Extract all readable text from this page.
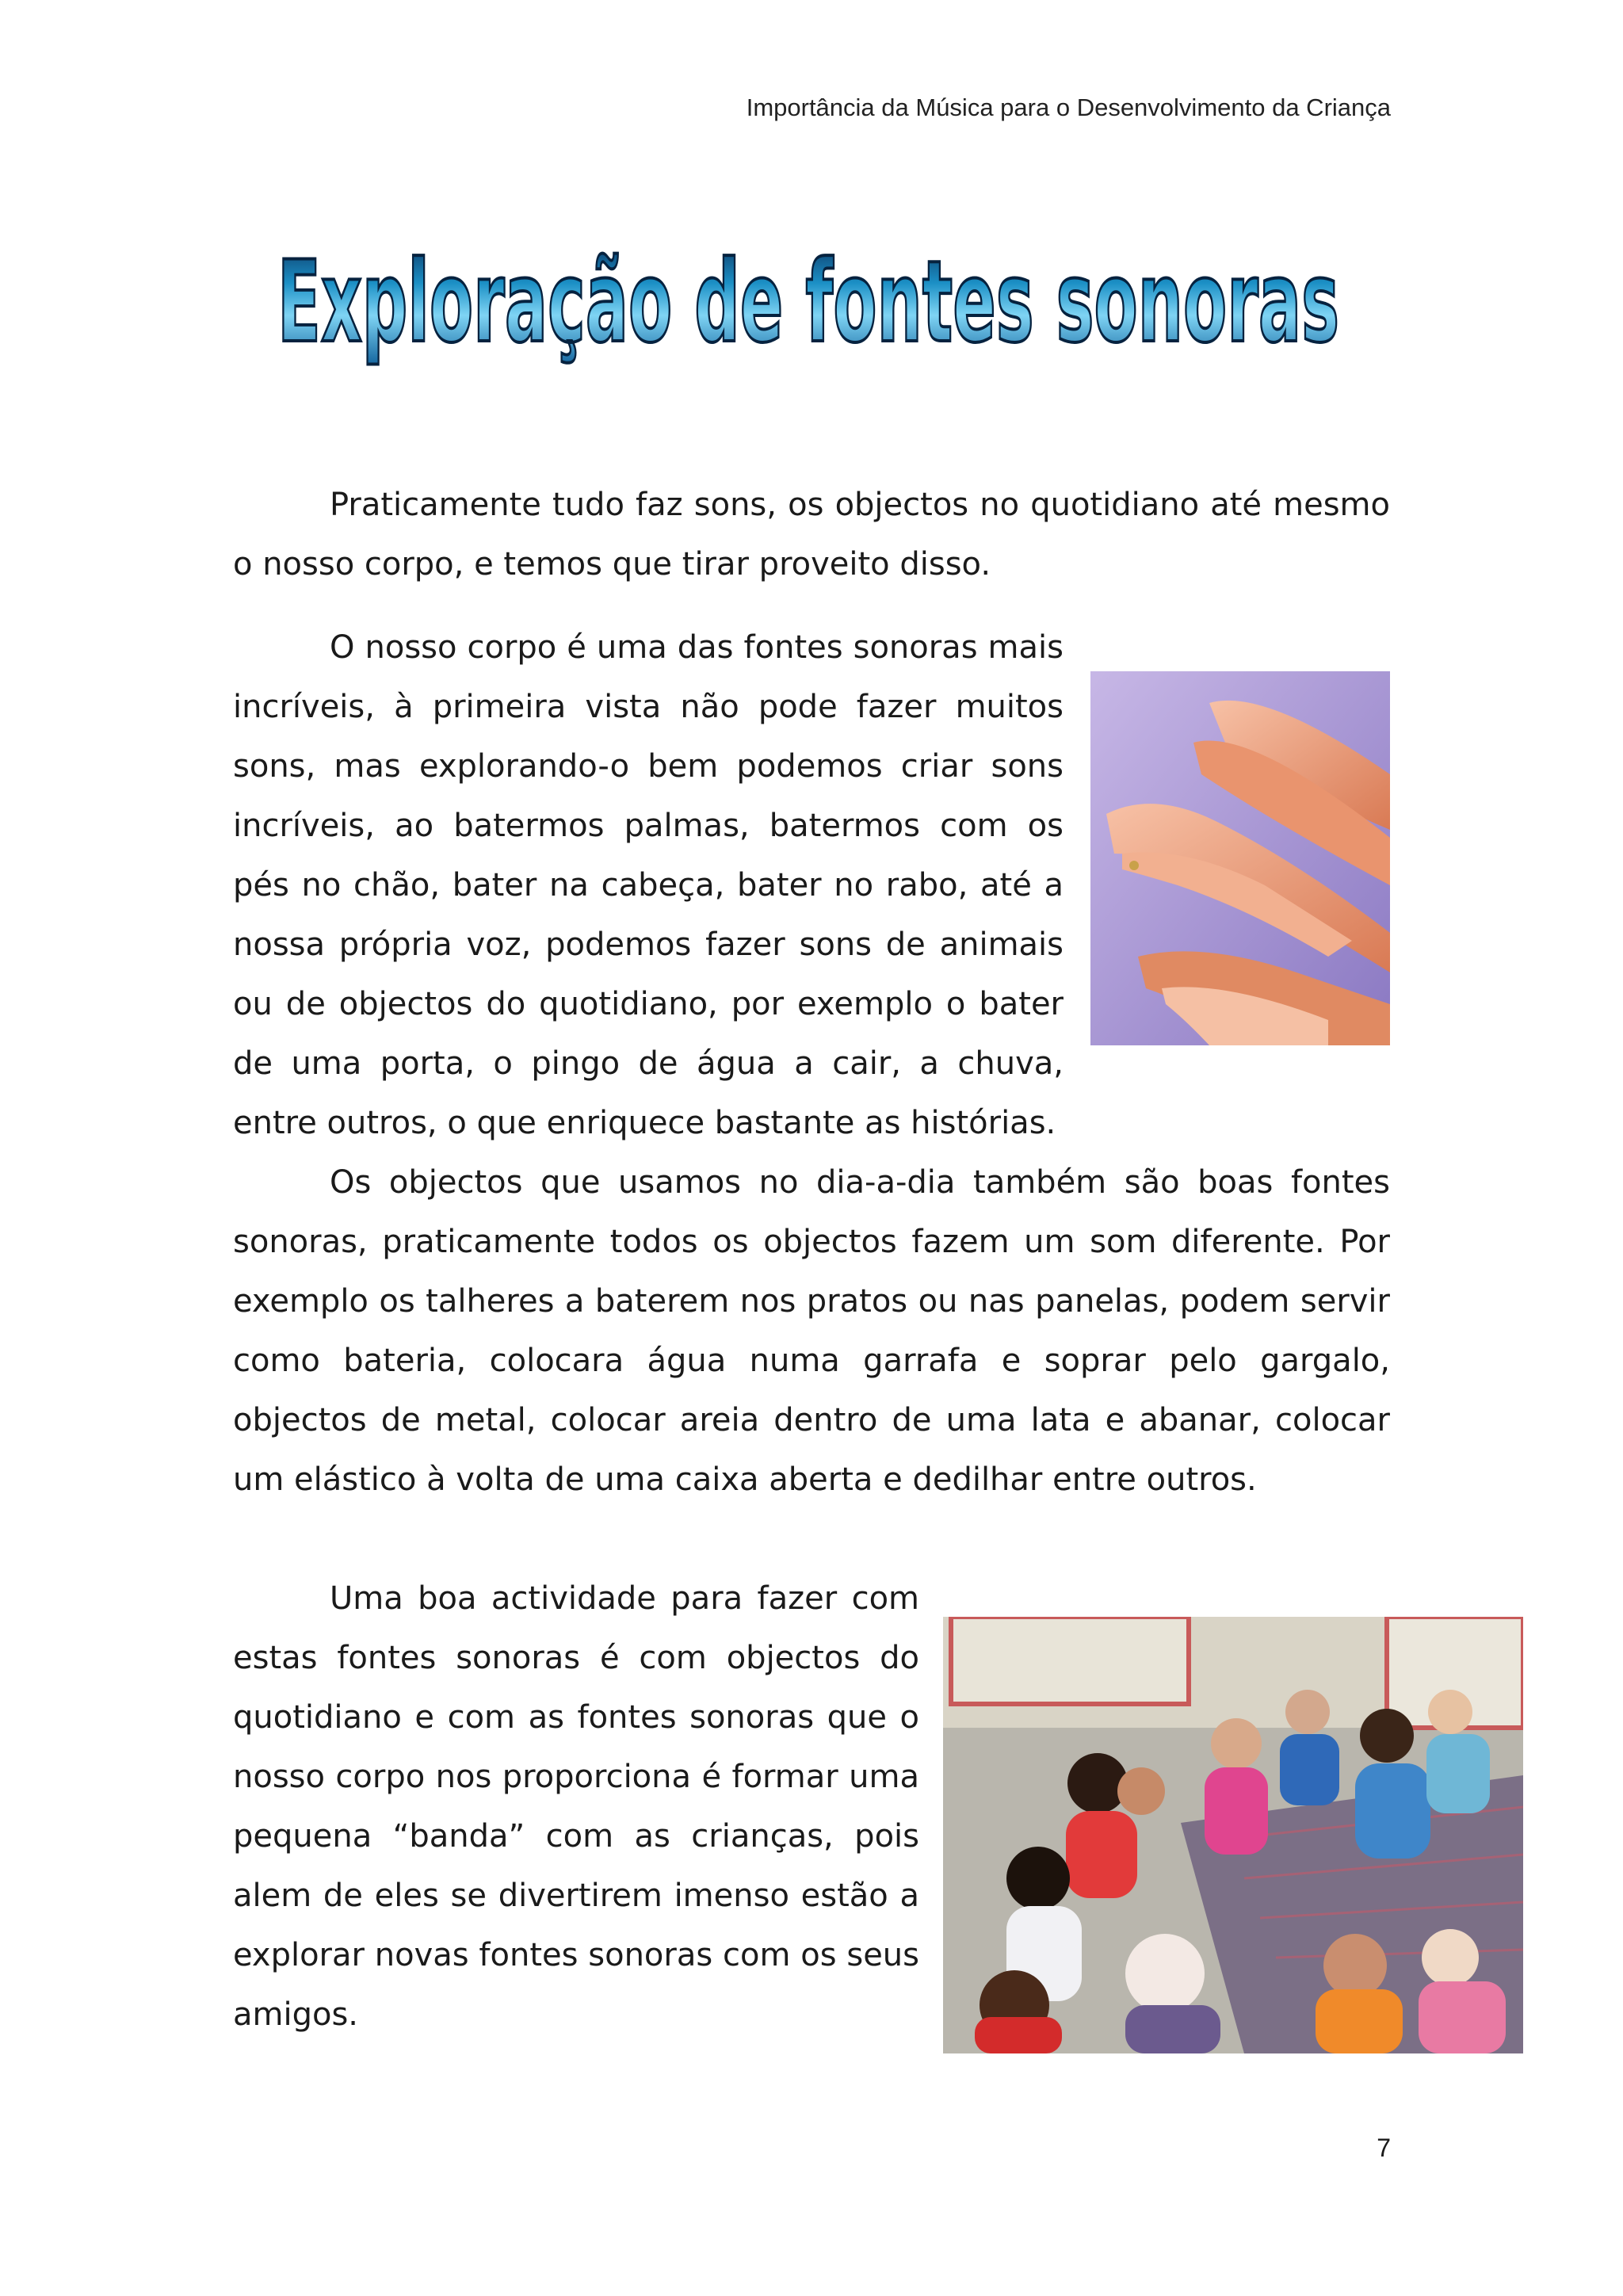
Importância da Música para o Desenvolvimento da Criança
Exploração de fontes sonoras

Praticamente tudo faz sons, os objectos no quotidiano até mesmo o nosso corpo, e temos que tirar proveito disso.

O nosso corpo é uma das fontes sonoras mais incríveis, à primeira vista não pode fazer muitos sons, mas explorando-o bem podemos criar sons incríveis, ao batermos palmas, batermos com os pés no chão, bater na cabeça, bater no rabo, até a nossa própria voz, podemos fazer sons de animais ou de objectos do quotidiano, por exemplo o bater de uma porta, o pingo de água a cair, a chuva, entre outros, o que enriquece bastante as histórias.

Os objectos que usamos no dia-a-dia também são boas fontes sonoras, praticamente todos os objectos fazem um som diferente. Por exemplo os talheres a baterem nos pratos ou nas panelas, podem servir como bateria, colocara água numa garrafa e soprar pelo gargalo, objectos de metal, colocar areia dentro de uma lata e abanar, colocar um elástico à volta de uma caixa aberta e dedilhar entre outros.

Uma boa actividade para fazer com estas fontes sonoras é com objectos do quotidiano e com as fontes sonoras que o nosso corpo nos proporciona é formar uma pequena “banda” com as crianças, pois alem de eles se divertirem imenso estão a explorar novas fontes sonoras com os seus amigos.

7
